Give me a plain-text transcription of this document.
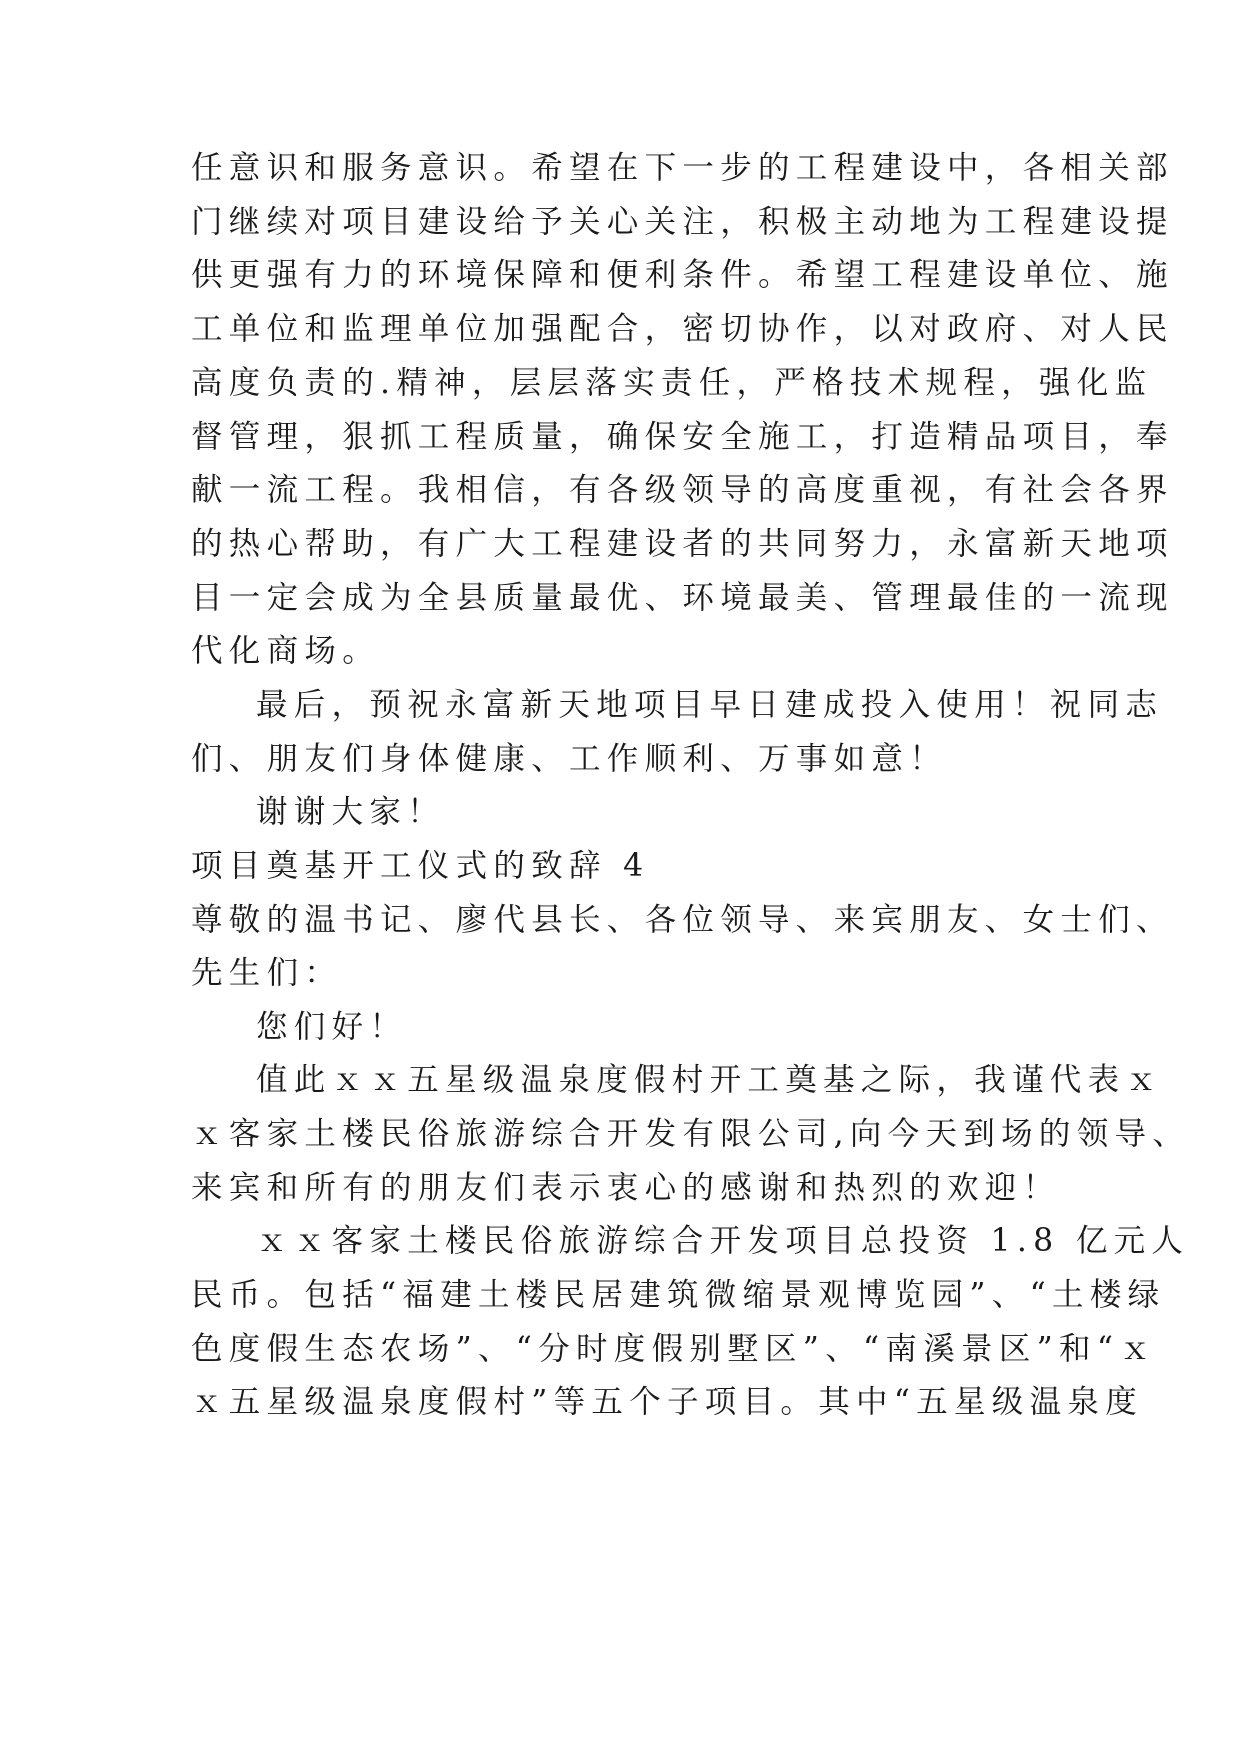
任意识和服务意识。希望在下一步的工程建设中，各相关部
门继续对项目建设给予关心关注，积极主动地为工程建设提
供更强有力的环境保障和便利条件。希望工程建设单位、施
工单位和监理单位加强配合，密切协作，以对政府、对人民
高度负责的.精神，层层落实责任，严格技术规程，强化监
督管理，狠抓工程质量，确保安全施工，打造精品项目，奉
献一流工程。我相信，有各级领导的高度重视，有社会各界
的热心帮助，有广大工程建设者的共同努力，永富新天地项
目一定会成为全县质量最优、环境最美、管理最佳的一流现
代化商场。
最后，预祝永富新天地项目早日建成投入使用！祝同志
们、朋友们身体健康、工作顺利、万事如意！
谢谢大家！
项目奠基开工仪式的致辞 4
尊敬的温书记、廖代县长、各位领导、来宾朋友、女士们、
先生们：
您们好！
值此ｘｘ五星级温泉度假村开工奠基之际，我谨代表ｘ
ｘ客家土楼民俗旅游综合开发有限公司,向今天到场的领导、
来宾和所有的朋友们表示衷心的感谢和热烈的欢迎！
ｘｘ客家土楼民俗旅游综合开发项目总投资 1.8 亿元人
民币。包括“福建土楼民居建筑微缩景观博览园”、“土楼绿
色度假生态农场”、“分时度假别墅区”、“南溪景区”和“ｘ
ｘ五星级温泉度假村”等五个子项目。其中“五星级温泉度
